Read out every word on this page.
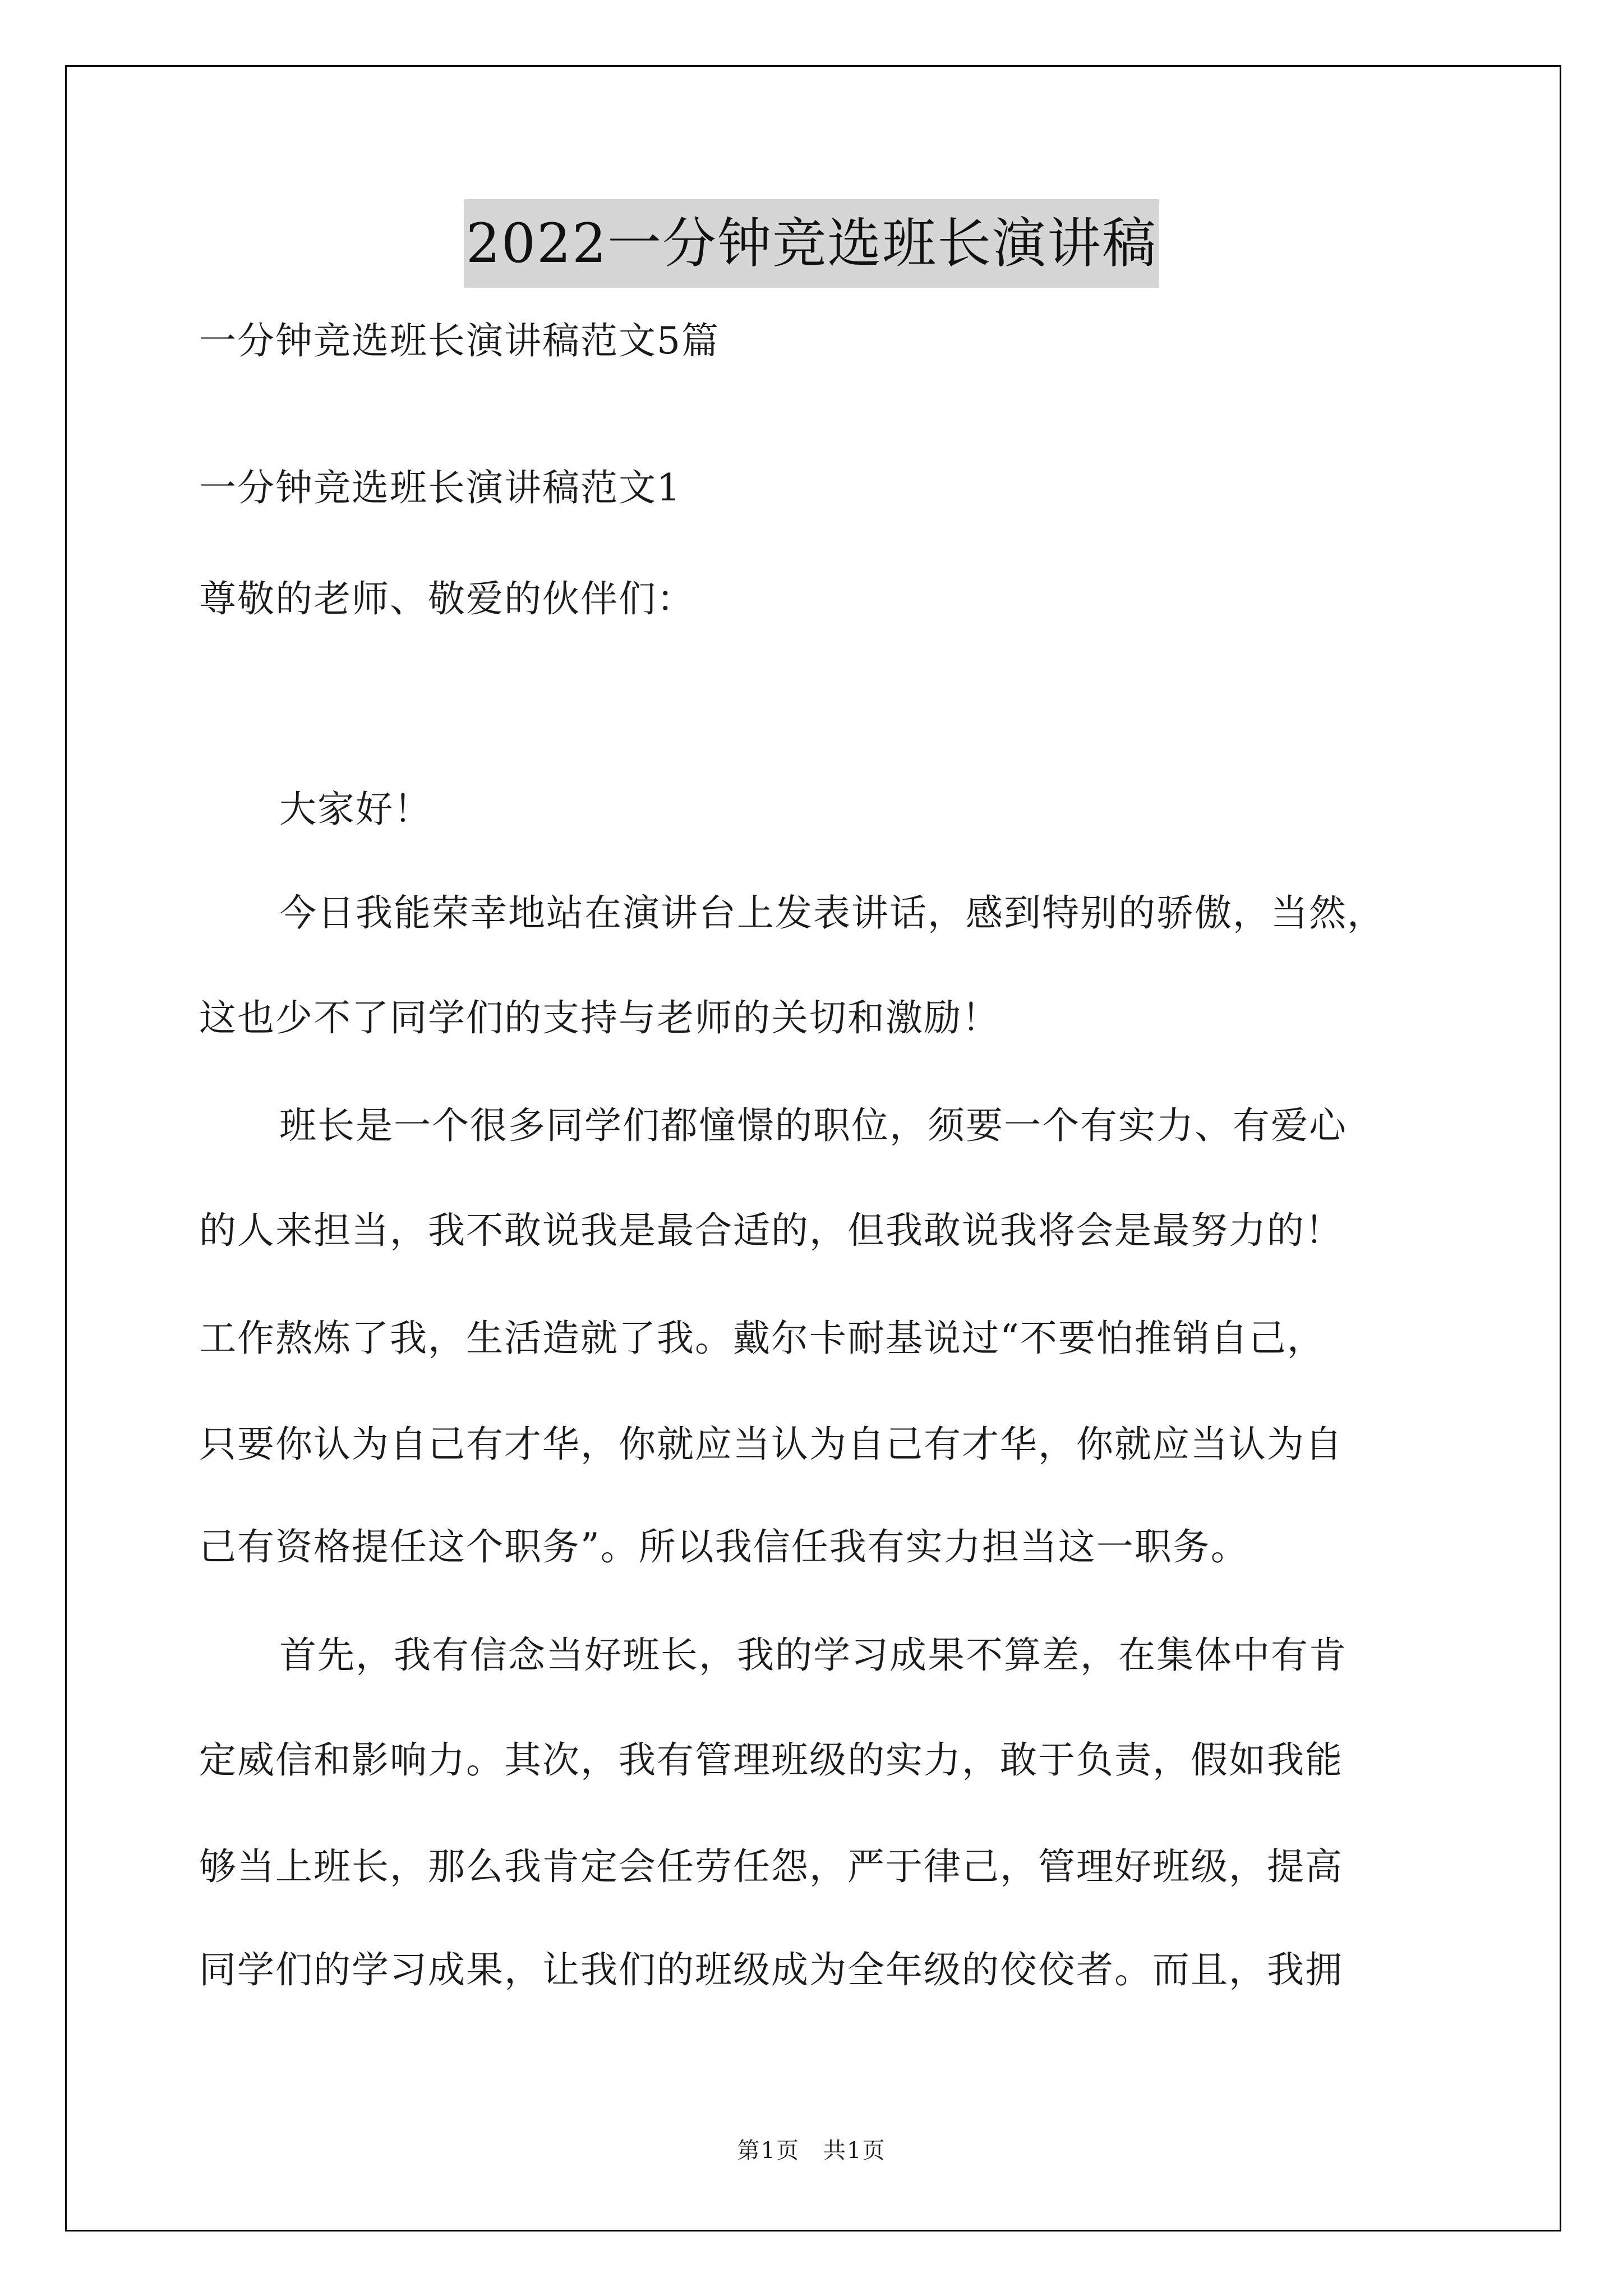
2022一分钟竞选班长演讲稿
一分钟竞选班长演讲稿范文5篇
一分钟竞选班长演讲稿范文1
尊敬的老师、敬爱的伙伴们：
大家好！
今日我能荣幸地站在演讲台上发表讲话，感到特别的骄傲，当然，
这也少不了同学们的支持与老师的关切和激励！
班长是一个很多同学们都憧憬的职位，须要一个有实力、有爱心
的人来担当，我不敢说我是最合适的，但我敢说我将会是最努力的！
工作熬炼了我，生活造就了我。戴尔卡耐基说过“不要怕推销自己，
只要你认为自己有才华，你就应当认为自己有才华，你就应当认为自
己有资格提任这个职务”。所以我信任我有实力担当这一职务。
首先，我有信念当好班长，我的学习成果不算差，在集体中有肯
定威信和影响力。其次，我有管理班级的实力，敢于负责，假如我能
够当上班长，那么我肯定会任劳任怨，严于律己，管理好班级，提高
同学们的学习成果，让我们的班级成为全年级的佼佼者。而且，我拥
第1页　共1页
